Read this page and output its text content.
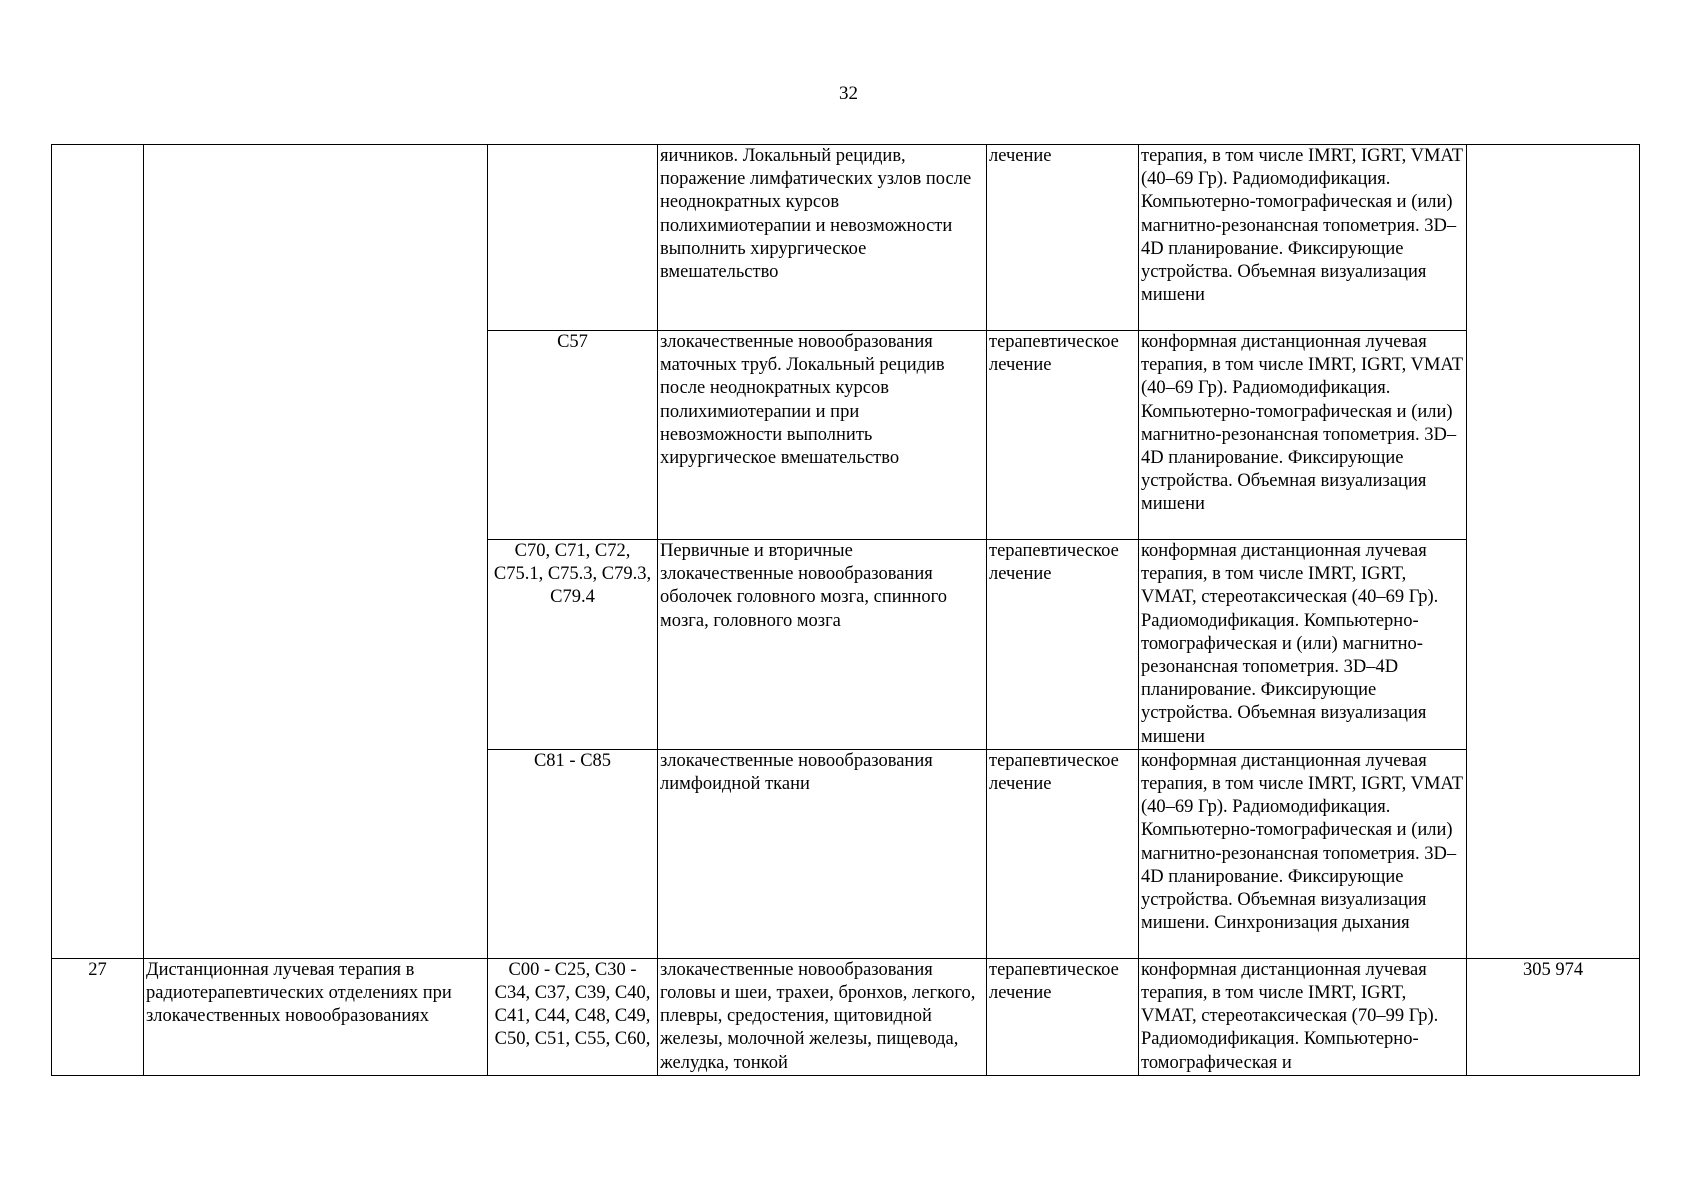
32
			яичников. Локальный рецидив, поражение лимфатических узлов после неоднократных курсов полихимиотерапии и невозможности выполнить хирургическое вмешательство	лечение	терапия, в том числе IMRT, IGRT, VMAT (40–69 Гр). Радиомодификация. Компьютерно-томографическая и (или) магнитно-резонансная топометрия. 3D–4D планирование. Фиксирующие устройства. Объемная визуализация мишени	
		C57	злокачественные новообразования маточных труб. Локальный рецидив после неоднократных курсов полихимиотерапии и при невозможности выполнить хирургическое вмешательство	терапевтическое лечение	конформная дистанционная лучевая терапия, в том числе IMRT, IGRT, VMAT (40–69 Гр). Радиомодификация. Компьютерно-томографическая и (или) магнитно-резонансная топометрия. 3D–4D планирование. Фиксирующие устройства. Объемная визуализация мишени	
		C70, C71, C72, C75.1, C75.3, C79.3, C79.4	Первичные и вторичные злокачественные новообразования оболочек головного мозга, спинного мозга, головного мозга	терапевтическое лечение	конформная дистанционная лучевая терапия, в том числе IMRT, IGRT, VMAT, стереотаксическая (40–69 Гр). Радиомодификация. Компьютерно-томографическая и (или) магнитно-резонансная топометрия. 3D–4D планирование. Фиксирующие устройства. Объемная визуализация мишени	
		C81 - C85	злокачественные новообразования лимфоидной ткани	терапевтическое лечение	конформная дистанционная лучевая терапия, в том числе IMRT, IGRT, VMAT (40–69 Гр). Радиомодификация. Компьютерно-томографическая и (или) магнитно-резонансная топометрия. 3D–4D планирование. Фиксирующие устройства. Объемная визуализация мишени. Синхронизация дыхания	
27	Дистанционная лучевая терапия в радиотерапевтических отделениях при злокачественных новообразованиях	C00 - C25, C30 - C34, C37, C39, C40, C41, C44, C48, C49, C50, C51, C55, C60,	злокачественные новообразования головы и шеи, трахеи, бронхов, легкого, плевры, средостения, щитовидной железы, молочной железы, пищевода, желудка, тонкой	терапевтическое лечение	конформная дистанционная лучевая терапия, в том числе IMRT, IGRT, VMAT, стереотаксическая (70–99 Гр). Радиомодификация. Компьютерно-томографическая и	305 974
